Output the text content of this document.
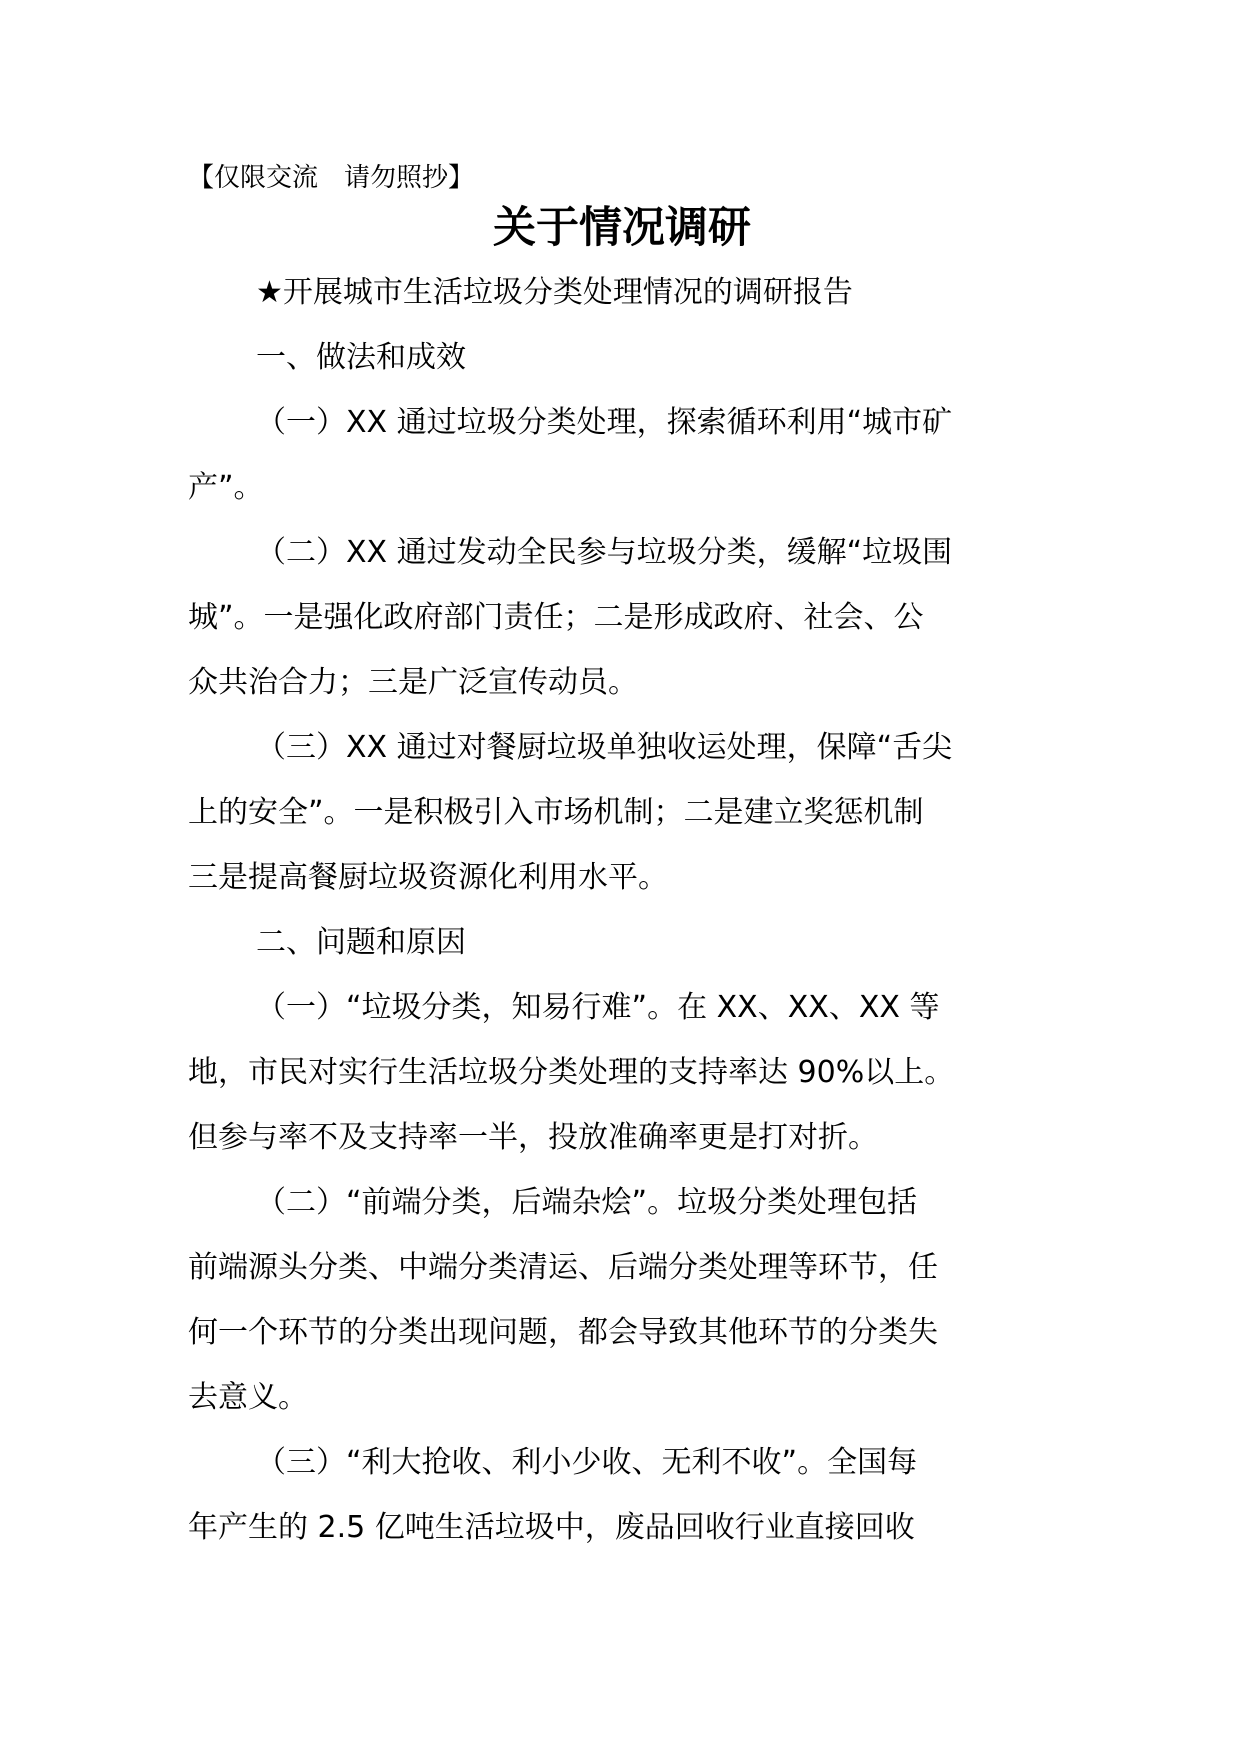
【仅限交流　请勿照抄】

关于情况调研

★开展城市生活垃圾分类处理情况的调研报告

一、做法和成效

（一）XX 通过垃圾分类处理，探索循环利用“城市矿
产”。

（二）XX 通过发动全民参与垃圾分类，缓解“垃圾围
城”。一是强化政府部门责任；二是形成政府、社会、公
众共治合力；三是广泛宣传动员。

（三）XX 通过对餐厨垃圾单独收运处理，保障“舌尖
上的安全”。一是积极引入市场机制；二是建立奖惩机制
三是提高餐厨垃圾资源化利用水平。

二、问题和原因

（一）“垃圾分类，知易行难”。在 XX、XX、XX 等
地，市民对实行生活垃圾分类处理的支持率达 90%以上。
但参与率不及支持率一半，投放准确率更是打对折。

（二）“前端分类，后端杂烩”。垃圾分类处理包括
前端源头分类、中端分类清运、后端分类处理等环节，任
何一个环节的分类出现问题，都会导致其他环节的分类失
去意义。

（三）“利大抢收、利小少收、无利不收”。全国每
年产生的 2.5 亿吨生活垃圾中，废品回收行业直接回收
